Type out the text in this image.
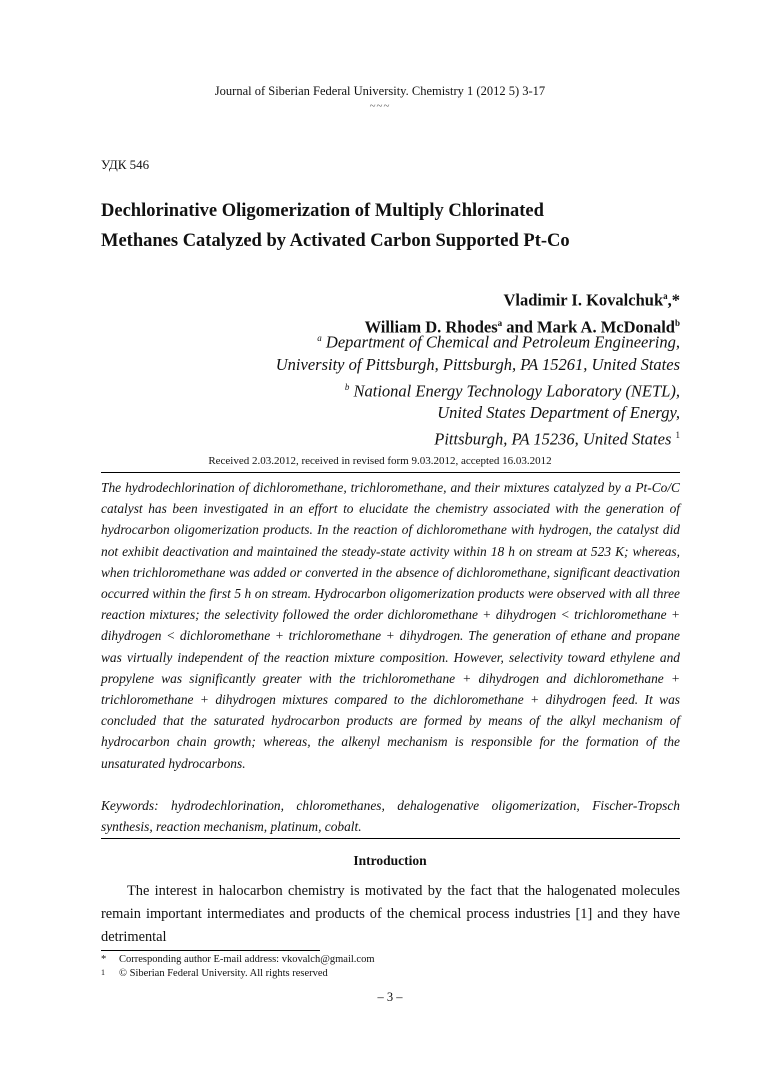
Journal of Siberian Federal University. Chemistry 1 (2012 5) 3-17
~~~
УДК 546
Dechlorinative Oligomerization of Multiply Chlorinated
Methanes Catalyzed by Activated Carbon Supported Pt-Co
Vladimir I. Kovalchuk$^a$,*
William D. Rhodes$^a$ and Mark A. McDonald$^b$
$^a$ Department of Chemical and Petroleum Engineering,
University of Pittsburgh, Pittsburgh, PA 15261, United States
$^b$ National Energy Technology Laboratory (NETL),
United States Department of Energy,
Pittsburgh, PA 15236, United States $^1$
Received 2.03.2012, received in revised form 9.03.2012, accepted 16.03.2012
The hydrodechlorination of dichloromethane, trichloromethane, and their mixtures catalyzed by a Pt-Co/C catalyst has been investigated in an effort to elucidate the chemistry associated with the generation of hydrocarbon oligomerization products. In the reaction of dichloromethane with hydrogen, the catalyst did not exhibit deactivation and maintained the steady-state activity within 18 h on stream at 523 K; whereas, when trichloromethane was added or converted in the absence of dichloromethane, significant deactivation occurred within the first 5 h on stream. Hydrocarbon oligomerization products were observed with all three reaction mixtures; the selectivity followed the order dichloromethane + dihydrogen < trichloromethane + dihydrogen < dichloromethane + trichloromethane + dihydrogen. The generation of ethane and propane was virtually independent of the reaction mixture composition. However, selectivity toward ethylene and propylene was significantly greater with the trichloromethane + dihydrogen and dichloromethane + trichloromethane + dihydrogen mixtures compared to the dichloromethane + dihydrogen feed. It was concluded that the saturated hydrocarbon products are formed by means of the alkyl mechanism of hydrocarbon chain growth; whereas, the alkenyl mechanism is responsible for the formation of the unsaturated hydrocarbons.
Keywords: hydrodechlorination, chloromethanes, dehalogenative oligomerization, Fischer-Tropsch synthesis, reaction mechanism, platinum, cobalt.
Introduction
The interest in halocarbon chemistry is motivated by the fact that the halogenated molecules remain important intermediates and products of the chemical process industries [1] and they have detrimental
* Corresponding author E-mail address: vkovalch@gmail.com
1 © Siberian Federal University. All rights reserved
– 3 –
